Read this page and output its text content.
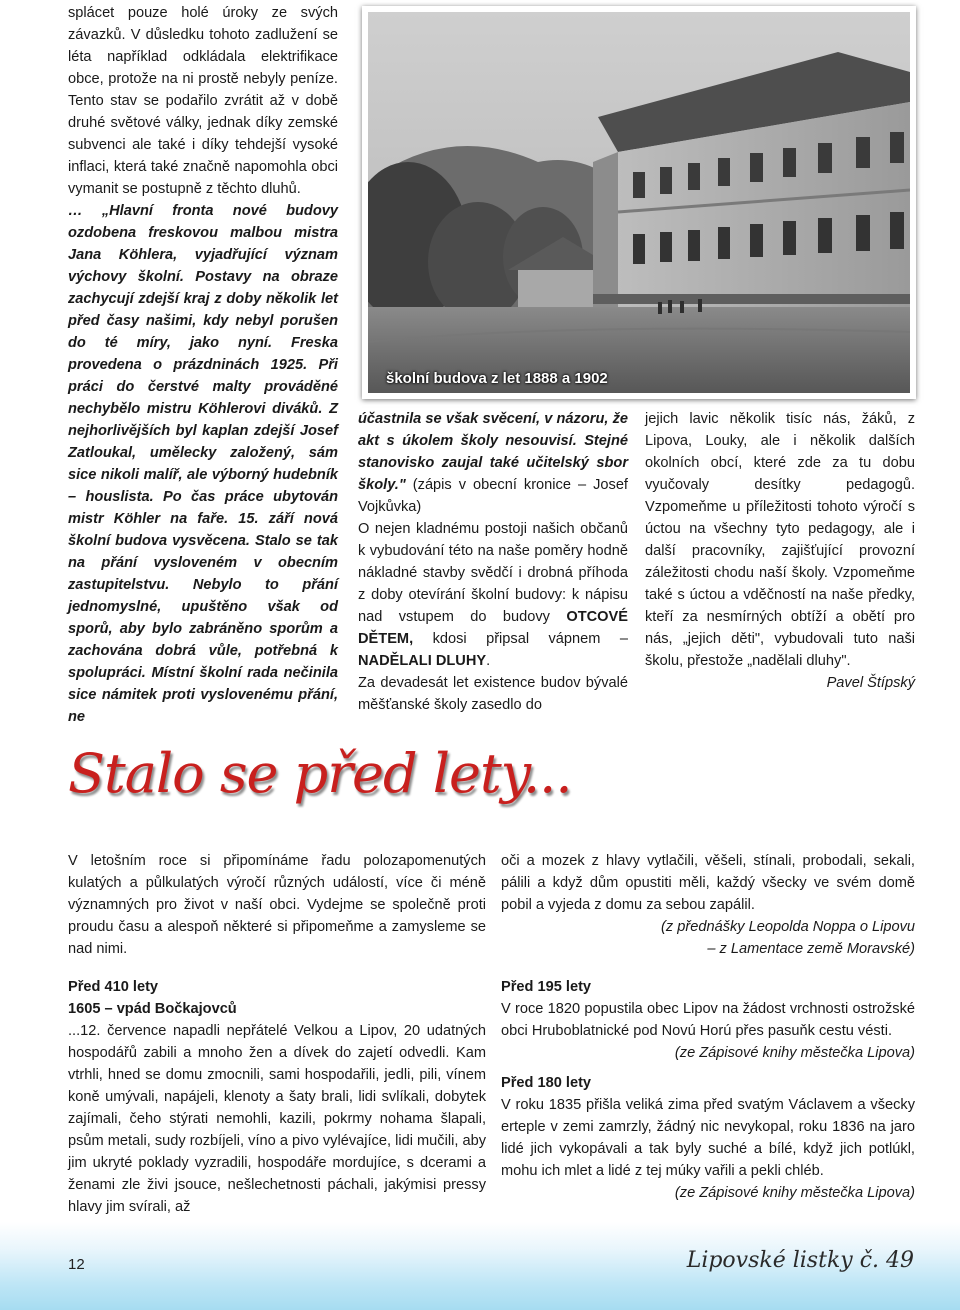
splácet pouze holé úroky ze svých závazků. V důsledku tohoto zadlužení se léta například odkládala elektrifikace obce, protože na ni prostě nebyly peníze. Tento stav se podařilo zvrátit až v době druhé světové války, jednak díky zemské subvenci ale také i díky tehdejší vysoké inflaci, která také značně napomohla obci vymanit se postupně z těchto dluhů.

… „Hlavní fronta nové budovy ozdobena freskovou malbou mistra Jana Köhlera, vyjadřující význam výchovy školní. Postavy na obraze zachycují zdejší kraj z doby několik let před časy našimi, kdy nebyl porušen do té míry, jako nyní. Freska provedena o prázdninách 1925. Při práci do čerstvé malty prováděné nechybělo mistru Köhlerovi diváků. Z nejhorlivějších byl kaplan zdejší Josef Zatloukal, umělecky založený, sám sice nikoli malíř, ale výborný hudebník – houslista. Po čas práce ubytován mistr Köhler na faře. 15. září nová školní budova vysvěcena. Stalo se tak na přání vysloveném v obecním zastupitelstvu. Nebylo to přání jednomyslné, upuštěno však od sporů, aby bylo zabráněno sporům a zachována dobrá vůle, potřebná k spolupráci. Místní školní rada nečinila sice námitek proti vyslovenému přání, ne

školní budova z let 1888 a 1902

účastnila se však svěcení, v názoru, že akt s úkolem školy nesouvisí. Stejné stanovisko zaujal také učitelský sbor školy." (zápis v obecní kronice – Josef Vojkůvka)

O nejen kladnému postoji našich občanů k vybudování této na naše poměry hodně nákladné stavby svědčí i drobná příhoda z doby otevírání školní budovy: k nápisu nad vstupem do budovy OTCOVÉ DĚTEM, kdosi připsal vápnem – NADĚLALI DLUHY.

Za devadesát let existence budov bývalé měšťanské školy zasedlo do

jejich lavic několik tisíc nás, žáků, z Lipova, Louky, ale i několik dalších okolních obcí, které zde za tu dobu vyučovaly desítky pedagogů. Vzpomeňme u příležitosti tohoto výročí s úctou na všechny tyto pedagogy, ale i další pracovníky, zajišťující provozní záležitosti chodu naší školy. Vzpomeňme také s úctou a vděčností na naše předky, kteří za nesmírných obtíží a obětí pro nás, „jejich děti", vybudovali tuto naši školu, přestože „nadělali dluhy".

Pavel Štípský

Stalo se před lety...

V letošním roce si připomínáme řadu polozapomenutých kulatých a půlkulatých výročí různých událostí, více či méně významných pro život v naší obci. Vydejme se společně proti proudu času a alespoň některé si připomeňme a zamysleme se nad nimi.

oči a mozek z hlavy vytlačili, věšeli, stínali, probodali, sekali, pálili a když dům opustiti měli, každý všecky ve svém domě pobil a vyjeda z domu za sebou zapálil.

(z přednášky Leopolda Noppa o Lipovu

– z Lamentace země Moravské)

Před 410 lety

1605 – vpád Bočkajovců

...12. července napadli nepřátelé Velkou a Lipov, 20 udatných hospodářů zabili a mnoho žen a dívek do zajetí odvedli. Kam vtrhli, hned se domu zmocnili, sami hospodařili, jedli, pili, vínem koně umývali, napájeli, klenoty a šaty brali, lidi svlíkali, dobytek zajímali, čeho stýrati nemohli, kazili, pokrmy nohama šlapali, psům metali, sudy rozbíjeli, víno a pivo vylévajíce, lidi mučili, aby jim ukryté poklady vyzradili, hospodáře mordujíce, s dcerami a ženami zle živi jsouce, nešlechetnosti páchali, jakýmisi pressy hlavy jim svírali, až

Před 195 lety

V roce 1820 popustila obec Lipov na žádost vrchnosti ostrožské obci Hruboblatnické pod Novú Horú přes pasuňk cestu vésti.

(ze Zápisové knihy městečka Lipova)

Před 180 lety

V roku 1835 přišla veliká zima před svatým Václavem a všecky erteple v zemi zamrzly, žádný nic nevykopal, roku 1836 na jaro lidé jich vykopávali a tak byly suché a bílé, když jich potlúkl, mohu ich mlet a lidé z tej múky vařili a pekli chléb.

(ze Zápisové knihy městečka Lipova)

12	Lipovské listky č. 49
